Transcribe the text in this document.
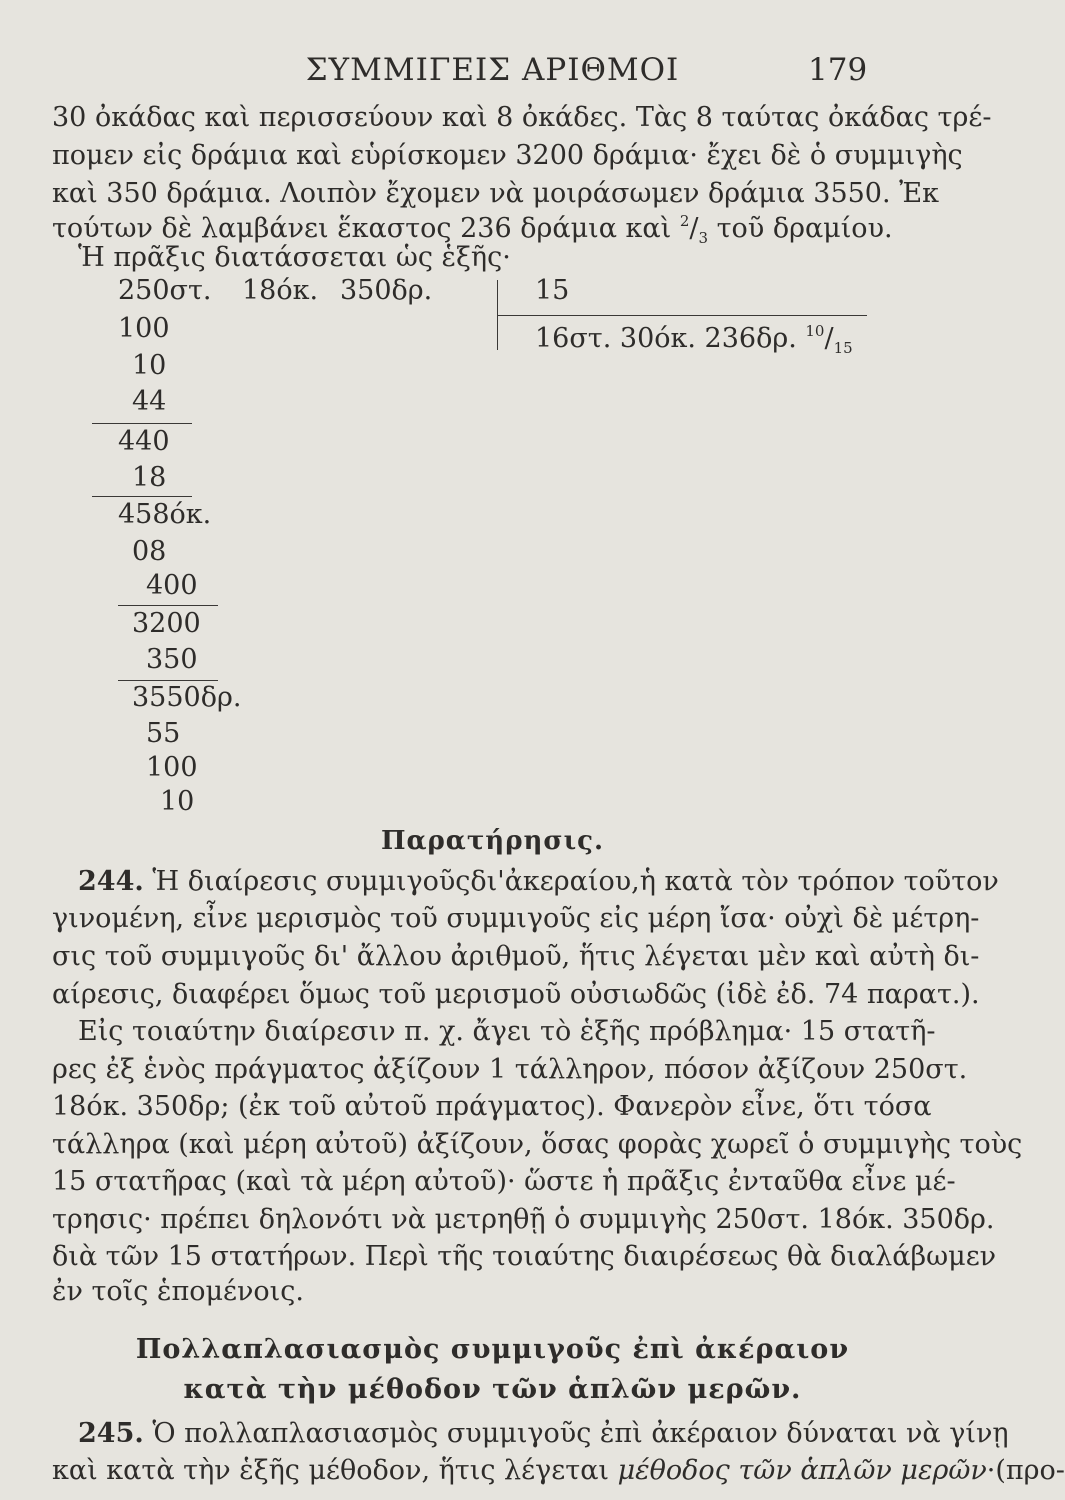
ΣΥΜΜΙΓΕΙΣ ΑΡΙΘΜΟΙ	179
30 ὀκάδας καὶ περισσεύουν καὶ 8 ὀκάδες. Τὰς 8 ταύτας ὀκάδας τρέ-
πομεν εἰς δράμια καὶ εὑρίσκομεν 3200 δράμια· ἔχει δὲ ὁ συμμιγὴς
καὶ 350 δράμια. Λοιπὸν ἔχομεν νὰ μοιράσωμεν δράμια 3550. Ἐκ
τούτων δὲ λαμβάνει ἕκαστος 236 δράμια καὶ $^2/_3$ τοῦ δραμίου.
Ἡ πρᾶξις διατάσσεται ὡς ἑξῆς·
250στ. 18όκ. 350δρ.	15
16στ. 30όκ. 236δρ. $^{10}/_{15}$
100
10
44
440
18
458όκ.
08
400
3200
350
3550δρ.
55
100
10
Παρατήρησις.
244. Ἡ διαίρεσις συμμιγοῦςδι'ἀκεραίου,ἡ κατὰ τὸν τρόπον τοῦτον
γινομένη, εἶνε μερισμὸς τοῦ συμμιγοῦς εἰς μέρη ἴσα· οὐχὶ δὲ μέτρη-
σις τοῦ συμμιγοῦς δι' ἄλλου ἀριθμοῦ, ἥτις λέγεται μὲν καὶ αὐτὴ δι-
αίρεσις, διαφέρει ὅμως τοῦ μερισμοῦ οὐσιωδῶς (ἰδὲ ἐδ. 74 παρατ.).
Εἰς τοιαύτην διαίρεσιν π. χ. ἄγει τὸ ἑξῆς πρόβλημα· 15 στατῆ-
ρες ἐξ ἑνὸς πράγματος ἀξίζουν 1 τάλληρον, πόσον ἀξίζουν 250στ.
18όκ. 350δρ; (ἐκ τοῦ αὐτοῦ πράγματος). Φανερὸν εἶνε, ὅτι τόσα
τάλληρα (καὶ μέρη αὐτοῦ) ἀξίζουν, ὅσας φορὰς χωρεῖ ὁ συμμιγὴς τοὺς
15 στατῆρας (καὶ τὰ μέρη αὐτοῦ)· ὥστε ἡ πρᾶξις ἐνταῦθα εἶνε μέ-
τρησις· πρέπει δηλονότι νὰ μετρηθῇ ὁ συμμιγὴς 250στ. 18όκ. 350δρ.
διὰ τῶν 15 στατήρων. Περὶ τῆς τοιαύτης διαιρέσεως θὰ διαλάβωμεν
ἐν τοῖς ἑπομένοις.
Πολλαπλασιασμὸς συμμιγοῦς ἐπὶ ἀκέραιον
κατὰ τὴν μέθοδον τῶν ἁπλῶν μερῶν.
245. Ὁ πολλαπλασιασμὸς συμμιγοῦς ἐπὶ ἀκέραιον δύναται νὰ γίνῃ
καὶ κατὰ τὴν ἑξῆς μέθοδον, ἥτις λέγεται μέθοδος τῶν ἁπλῶν μερῶν·(προ-
